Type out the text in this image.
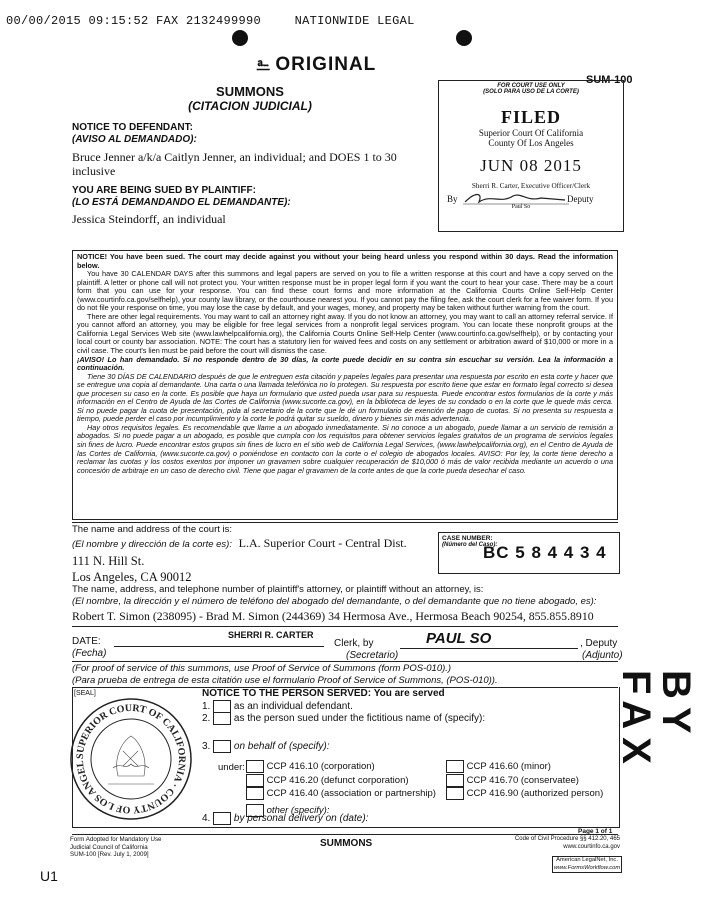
00/00/2015 09:15:52 FAX 2132499990	NATIONWIDE LEGAL
⎁ ORIGINAL
SUM-100
SUMMONS
(CITACION JUDICIAL)
FOR COURT USE ONLY
(SOLO PARA USO DE LA CORTE)
FILED
Superior Court Of California
County Of Los Angeles
JUN 08 2015
Sherri R. Carter, Executive Officer/Clerk
By	Deputy
Paul So
NOTICE TO DEFENDANT:
(AVISO AL DEMANDADO):
Bruce Jenner a/k/a Caitlyn Jenner, an individual; and DOES 1 to 30 inclusive
YOU ARE BEING SUED BY PLAINTIFF:
(LO ESTÁ DEMANDANDO EL DEMANDANTE):
Jessica Steindorff, an individual

NOTICE! You have been sued. The court may decide against you without your being heard unless you respond within 30 days. Read the information below.

You have 30 CALENDAR DAYS after this summons and legal papers are served on you to file a written response at this court and have a copy served on the plaintiff. A letter or phone call will not protect you. Your written response must be in proper legal form if you want the court to hear your case. There may be a court form that you can use for your response. You can find these court forms and more information at the California Courts Online Self-Help Center (www.courtinfo.ca.gov/selfhelp), your county law library, or the courthouse nearest you. If you cannot pay the filing fee, ask the court clerk for a fee waiver form. If you do not file your response on time, you may lose the case by default, and your wages, money, and property may be taken without further warning from the court.

There are other legal requirements. You may want to call an attorney right away. If you do not know an attorney, you may want to call an attorney referral service. If you cannot afford an attorney, you may be eligible for free legal services from a nonprofit legal services program. You can locate these nonprofit groups at the California Legal Services Web site (www.lawhelpcalifornia.org), the California Courts Online Self-Help Center (www.courtinfo.ca.gov/selfhelp), or by contacting your local court or county bar association. NOTE: The court has a statutory lien for waived fees and costs on any settlement or arbitration award of $10,000 or more in a civil case. The court's lien must be paid before the court will dismiss the case.

¡AVISO! Lo han demandado. Si no responde dentro de 30 días, la corte puede decidir en su contra sin escuchar su versión. Lea la información a continuación.

Tiene 30 DÍAS DE CALENDARIO después de que le entreguen esta citación y papeles legales para presentar una respuesta por escrito en esta corte y hacer que se entregue una copia al demandante. Una carta o una llamada telefónica no lo protegen. Su respuesta por escrito tiene que estar en formato legal correcto si desea que procesen su caso en la corte. Es posible que haya un formulario que usted pueda usar para su respuesta. Puede encontrar estos formularios de la corte y más información en el Centro de Ayuda de las Cortes de California (www.sucorte.ca.gov), en la biblioteca de leyes de su condado o en la corte que le quede más cerca. Si no puede pagar la cuota de presentación, pida al secretario de la corte que le dé un formulario de exención de pago de cuotas. Si no presenta su respuesta a tiempo, puede perder el caso por incumplimiento y la corte le podrá quitar su sueldo, dinero y bienes sin más advertencia.

Hay otros requisitos legales. Es recomendable que llame a un abogado inmediatamente. Si no conoce a un abogado, puede llamar a un servicio de remisión a abogados. Si no puede pagar a un abogado, es posible que cumpla con los requisitos para obtener servicios legales gratuitos de un programa de servicios legales sin fines de lucro. Puede encontrar estos grupos sin fines de lucro en el sitio web de California Legal Services, (www.lawhelpcalifornia.org), en el Centro de Ayuda de las Cortes de California, (www.sucorte.ca.gov) o poniéndose en contacto con la corte o el colegio de abogados locales. AVISO: Por ley, la corte tiene derecho a reclamar las cuotas y los costos exentos por imponer un gravamen sobre cualquier recuperación de $10,000 ó más de valor recibida mediante un acuerdo o una concesión de arbitraje en un caso de derecho civil. Tiene que pagar el gravamen de la corte antes de que la corte pueda desechar el caso.

The name and address of the court is:
(El nombre y dirección de la corte es): L.A. Superior Court - Central Dist.
111 N. Hill St.
Los Angeles, CA 90012
CASE NUMBER:
(Número del Caso):
BC 5 8 4 4 3 4
The name, address, and telephone number of plaintiff's attorney, or plaintiff without an attorney, is:
(El nombre, la dirección y el número de teléfono del abogado del demandante, o del demandante que no tiene abogado, es):
Robert T. Simon (238095) - Brad M. Simon (244369) 34 Hermosa Ave., Hermosa Beach 90254, 855.855.8910
DATE:
(Fecha)
SHERRI R. CARTER
Clerk, by
(Secretario)
PAUL SO	, Deputy
(Adjunto)
(For proof of service of this summons, use Proof of Service of Summons (form POS-010).)
(Para prueba de entrega de esta citatión use el formulario Proof of Service of Summons, (POS-010)).
[SEAL]
SUPERIOR COURT OF CALIFORNIA · COUNTY OF LOS ANGEL
NOTICE TO THE PERSON SERVED: You are served
1. as an individual defendant.
2. as the person sued under the fictitious name of (specify):
3. on behalf of (specify):
under:	CCP 416.10 (corporation)
CCP 416.20 (defunct corporation)
CCP 416.40 (association or partnership)
other (specify):
CCP 416.60 (minor)
CCP 416.70 (conservatee)
CCP 416.90 (authorized person)
4. by personal delivery on (date):
BY FAX
Page 1 of 1
Form Adopted for Mandatory Use
Judicial Council of California
SUM-100 [Rev. July 1, 2009]
SUMMONS	Code of Civil Procedure §§ 412.20, 465
www.courtinfo.ca.gov
American LegalNet, Inc.
www.FormsWorkflow.com
U1
